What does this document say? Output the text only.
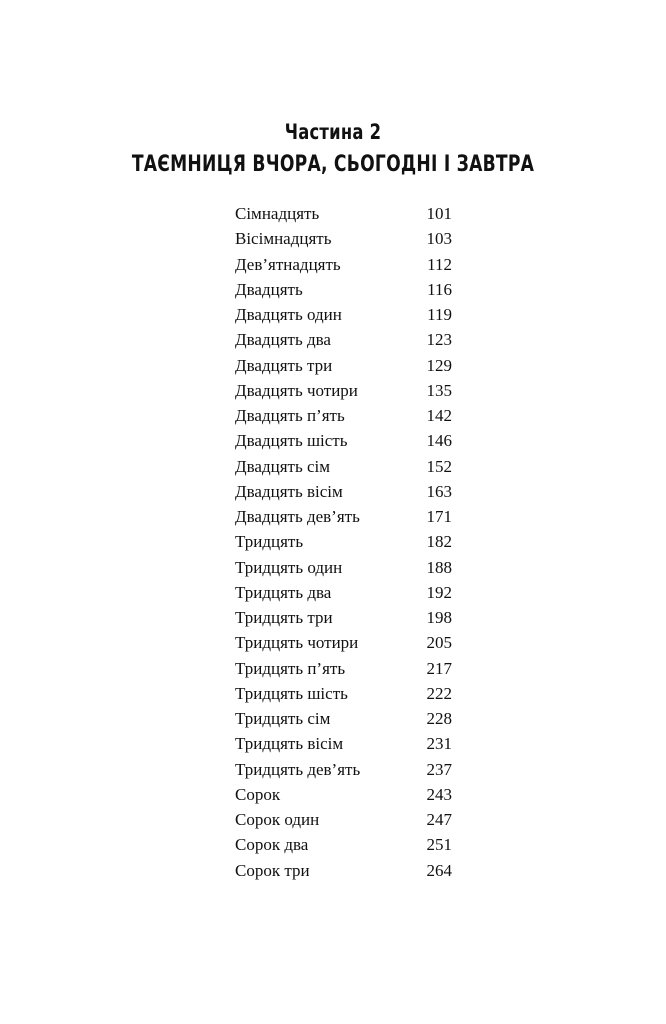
Частина 2
ТАЄМНИЦЯ ВЧОРА, СЬОГОДНІ І ЗАВТРА
Сімнадцять	101
Вісімнадцять	103
Дев’ятнадцять	112
Двадцять	116
Двадцять один	119
Двадцять два	123
Двадцять три	129
Двадцять чотири	135
Двадцять п’ять	142
Двадцять шість	146
Двадцять сім	152
Двадцять вісім	163
Двадцять дев’ять	171
Тридцять	182
Тридцять один	188
Тридцять два	192
Тридцять три	198
Тридцять чотири	205
Тридцять п’ять	217
Тридцять шість	222
Тридцять сім	228
Тридцять вісім	231
Тридцять дев’ять	237
Сорок	243
Сорок один	247
Сорок два	251
Сорок три	264
